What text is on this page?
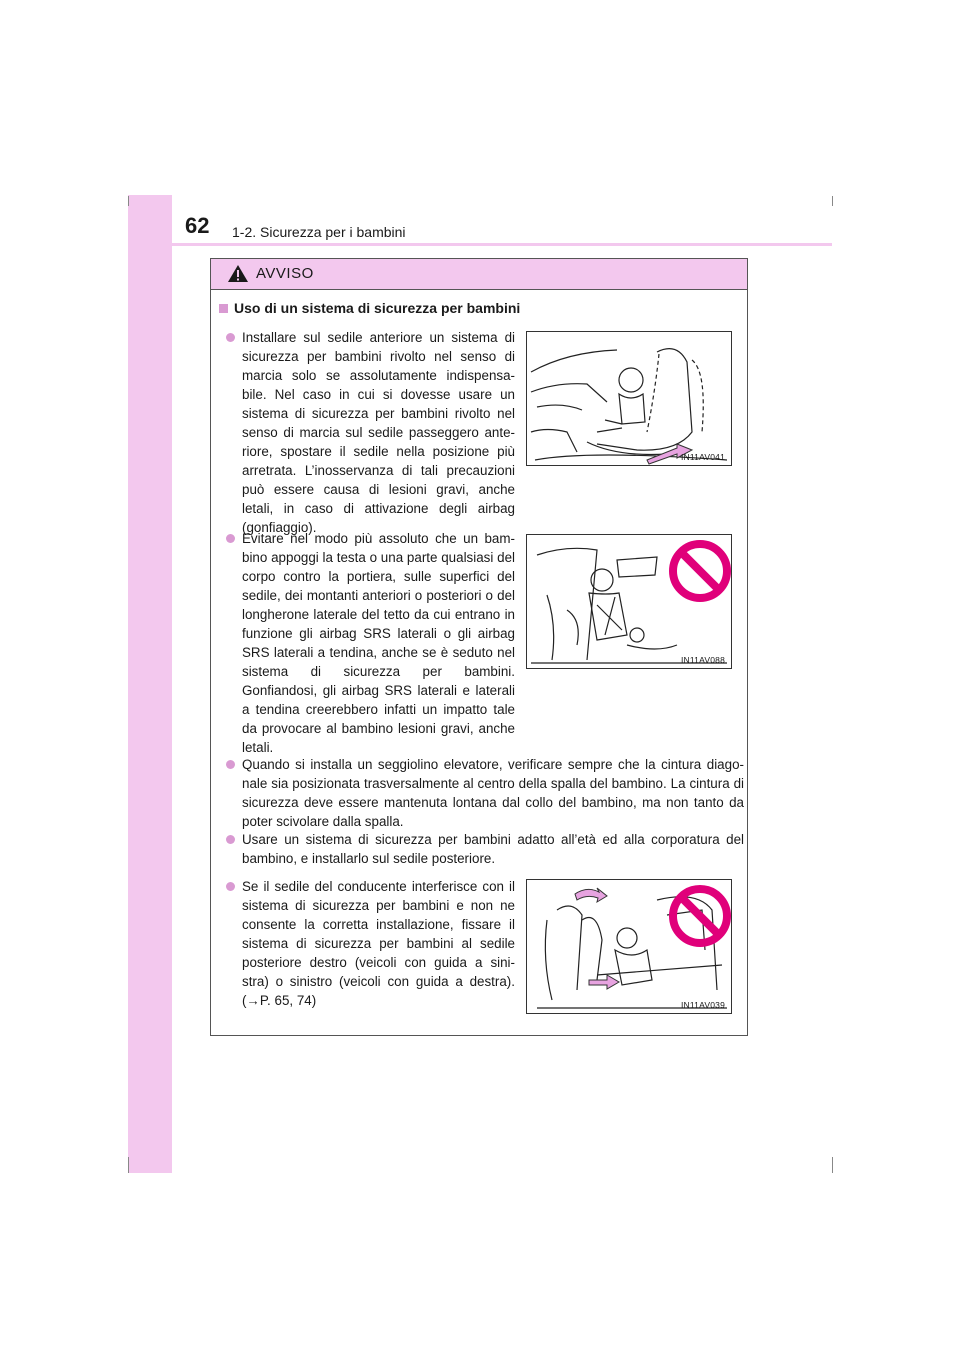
62 1-2. Sicurezza per i bambini
AVVISO
Uso di un sistema di sicurezza per bambini
Installare sul sedile anteriore un sistema di sicurezza per bambini rivolto nel senso di marcia solo se assolutamente indispensa-bile. Nel caso in cui si dovesse usare un sistema di sicurezza per bambini rivolto nel senso di marcia sul sedile passeggero ante-riore, spostare il sedile nella posizione più arretrata. L’inosservanza di tali precauzioni può essere causa di lesioni gravi, anche letali, in caso di attivazione degli airbag (gonfiaggio).
IN11AV041
Evitare nel modo più assoluto che un bam-bino appoggi la testa o una parte qualsiasi del corpo contro la portiera, sulle superfici del sedile, dei montanti anteriori o posteriori o del longherone laterale del tetto da cui entrano in funzione gli airbag SRS laterali o gli airbag SRS laterali a tendina, anche se è seduto nel sistema di sicurezza per bambini. Gonfiandosi, gli airbag SRS laterali e laterali a tendina creerebbero infatti un impatto tale da provocare al bambino lesioni gravi, anche letali.
IN11AV088
Quando si installa un seggiolino elevatore, verificare sempre che la cintura diago-nale sia posizionata trasversalmente al centro della spalla del bambino. La cintura di sicurezza deve essere mantenuta lontana dal collo del bambino, ma non tanto da poter scivolare dalla spalla.
Usare un sistema di sicurezza per bambini adatto all’età ed alla corporatura del bambino, e installarlo sul sedile posteriore.
Se il sedile del conducente interferisce con il sistema di sicurezza per bambini e non ne consente la corretta installazione, fissare il sistema di sicurezza per bambini al sedile posteriore destro (veicoli con guida a sini-stra) o sinistro (veicoli con guida a destra). (→P. 65, 74)	IN11AV039
